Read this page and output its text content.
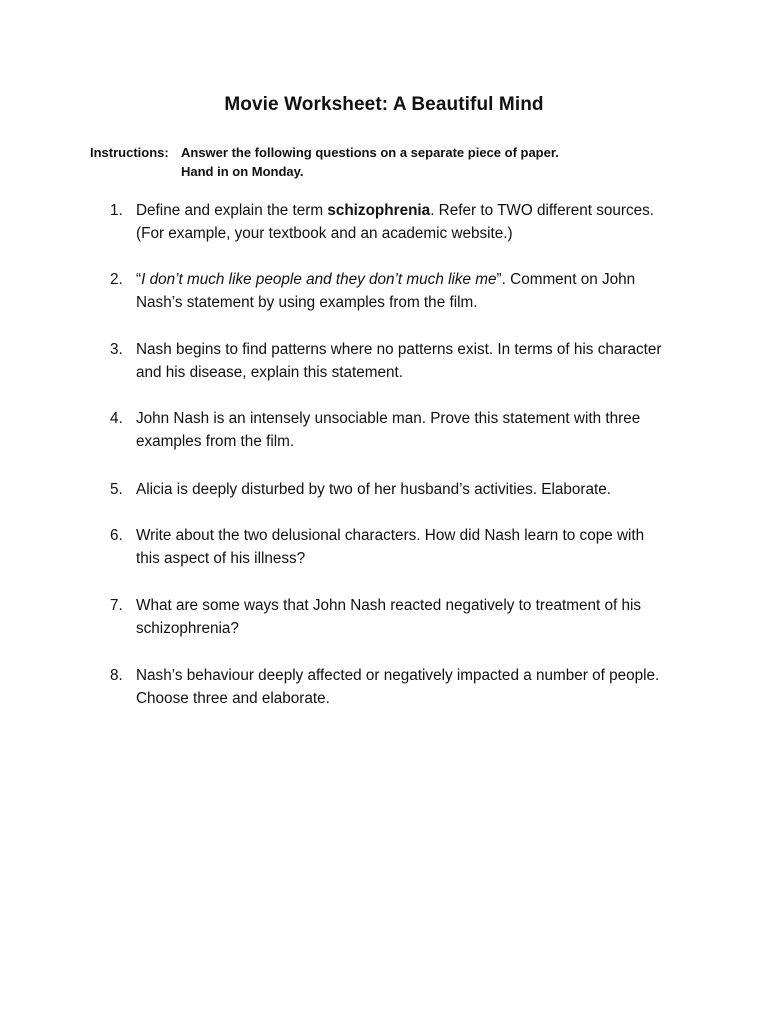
Movie Worksheet: A Beautiful Mind
Instructions: Answer the following questions on a separate piece of paper.
Hand in on Monday.
1. Define and explain the term schizophrenia. Refer to TWO different sources.
(For example, your textbook and an academic website.)
2. “I don’t much like people and they don’t much like me”. Comment on John
Nash’s statement by using examples from the film.
3. Nash begins to find patterns where no patterns exist. In terms of his character
and his disease, explain this statement.
4. John Nash is an intensely unsociable man. Prove this statement with three
examples from the film.
5. Alicia is deeply disturbed by two of her husband’s activities. Elaborate.
6. Write about the two delusional characters. How did Nash learn to cope with
this aspect of his illness?
7. What are some ways that John Nash reacted negatively to treatment of his
schizophrenia?
8. Nash’s behaviour deeply affected or negatively impacted a number of people.
Choose three and elaborate.
